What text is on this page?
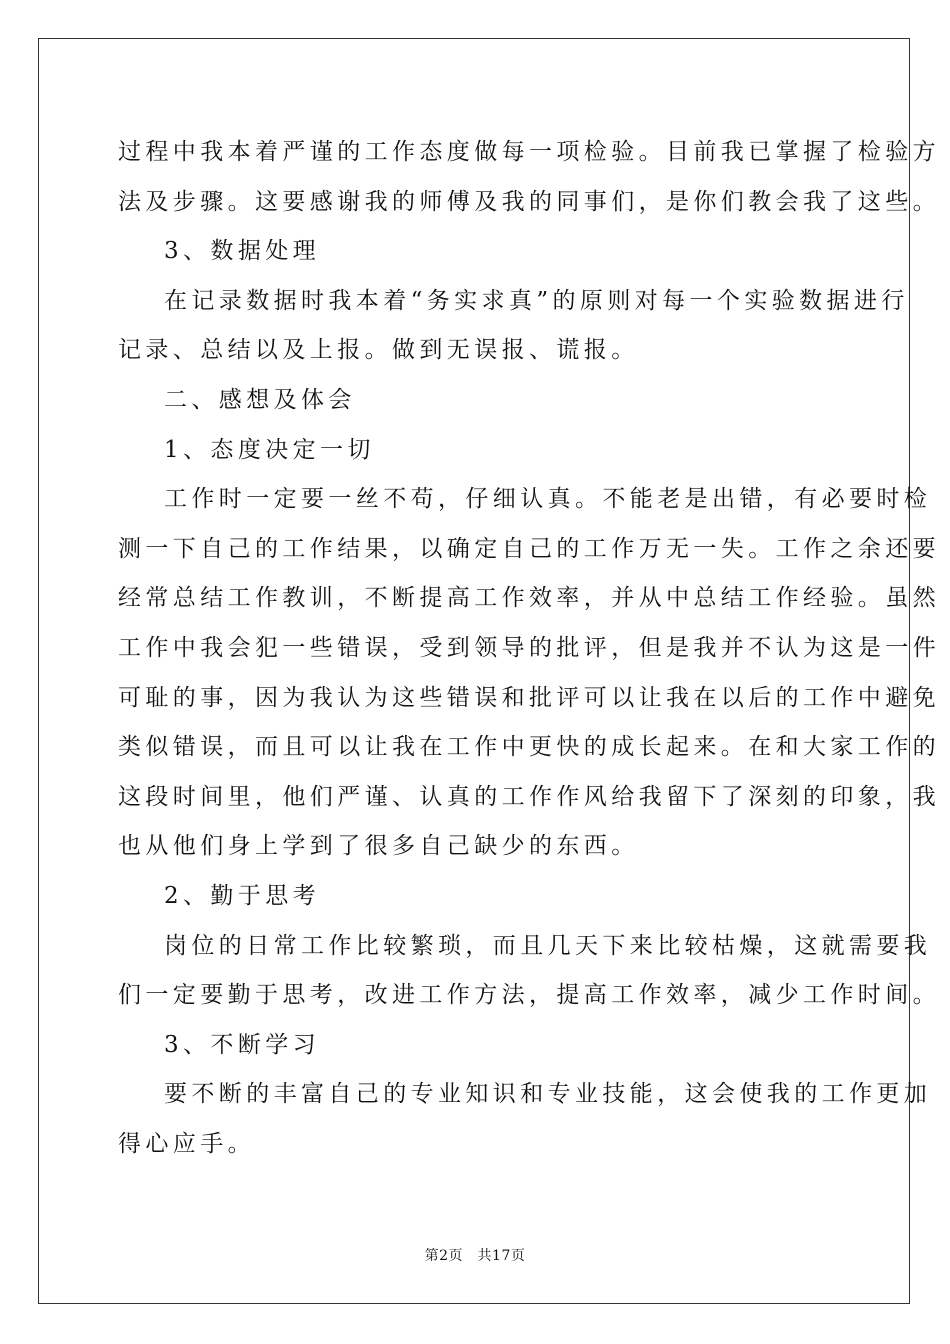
过程中我本着严谨的工作态度做每一项检验。目前我已掌握了检验方
法及步骤。这要感谢我的师傅及我的同事们，是你们教会我了这些。
3、数据处理
在记录数据时我本着“务实求真”的原则对每一个实验数据进行
记录、总结以及上报。做到无误报、谎报。
二、感想及体会
1、态度决定一切
工作时一定要一丝不苟，仔细认真。不能老是出错，有必要时检
测一下自己的工作结果，以确定自己的工作万无一失。工作之余还要
经常总结工作教训，不断提高工作效率，并从中总结工作经验。虽然
工作中我会犯一些错误，受到领导的批评，但是我并不认为这是一件
可耻的事，因为我认为这些错误和批评可以让我在以后的工作中避免
类似错误，而且可以让我在工作中更快的成长起来。在和大家工作的
这段时间里，他们严谨、认真的工作作风给我留下了深刻的印象，我
也从他们身上学到了很多自己缺少的东西。
2、勤于思考
岗位的日常工作比较繁琐，而且几天下来比较枯燥，这就需要我
们一定要勤于思考，改进工作方法，提高工作效率，减少工作时间。
3、不断学习
要不断的丰富自己的专业知识和专业技能，这会使我的工作更加
得心应手。
第2页　共17页
